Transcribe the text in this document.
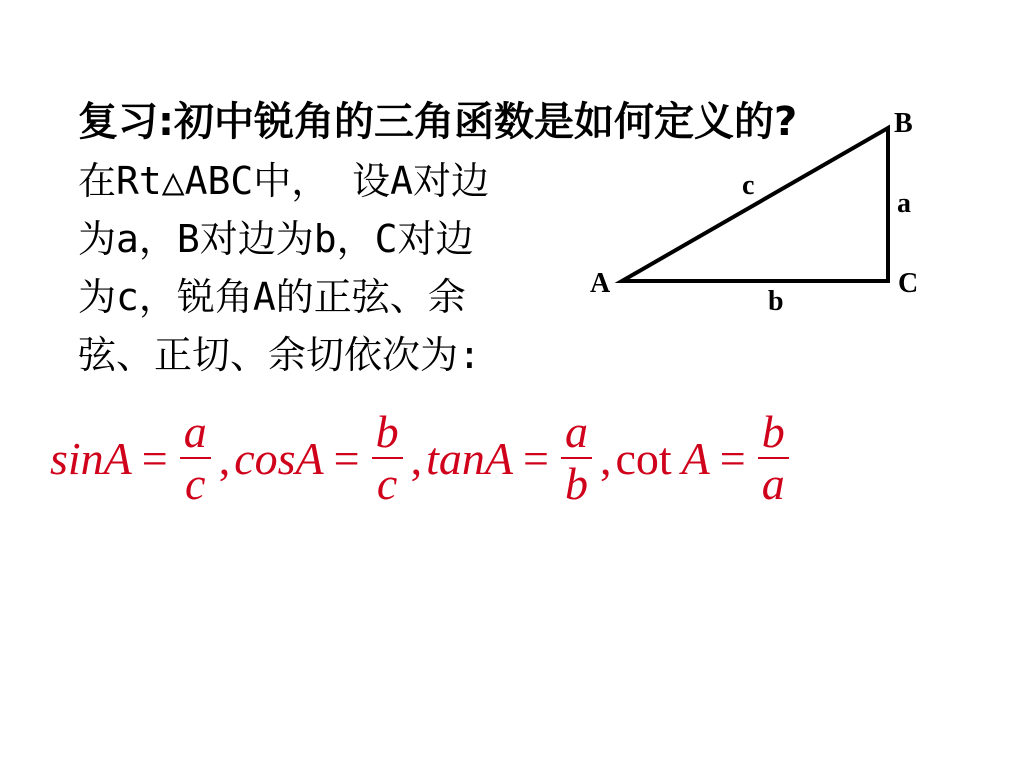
复习:初中锐角的三角函数是如何定义的?
在Rt△ABC中， 设A对边
为a，B对边为b，C对边
为c，锐角A的正弦、余
弦、正切、余切依次为:
B
A	C
c
a
b
$\sin A = \frac{a}{c}$ , $\cos A = \frac{b}{c}$ , $\tan A = \frac{a}{b}$ , $\cot A = \frac{b}{a}$
